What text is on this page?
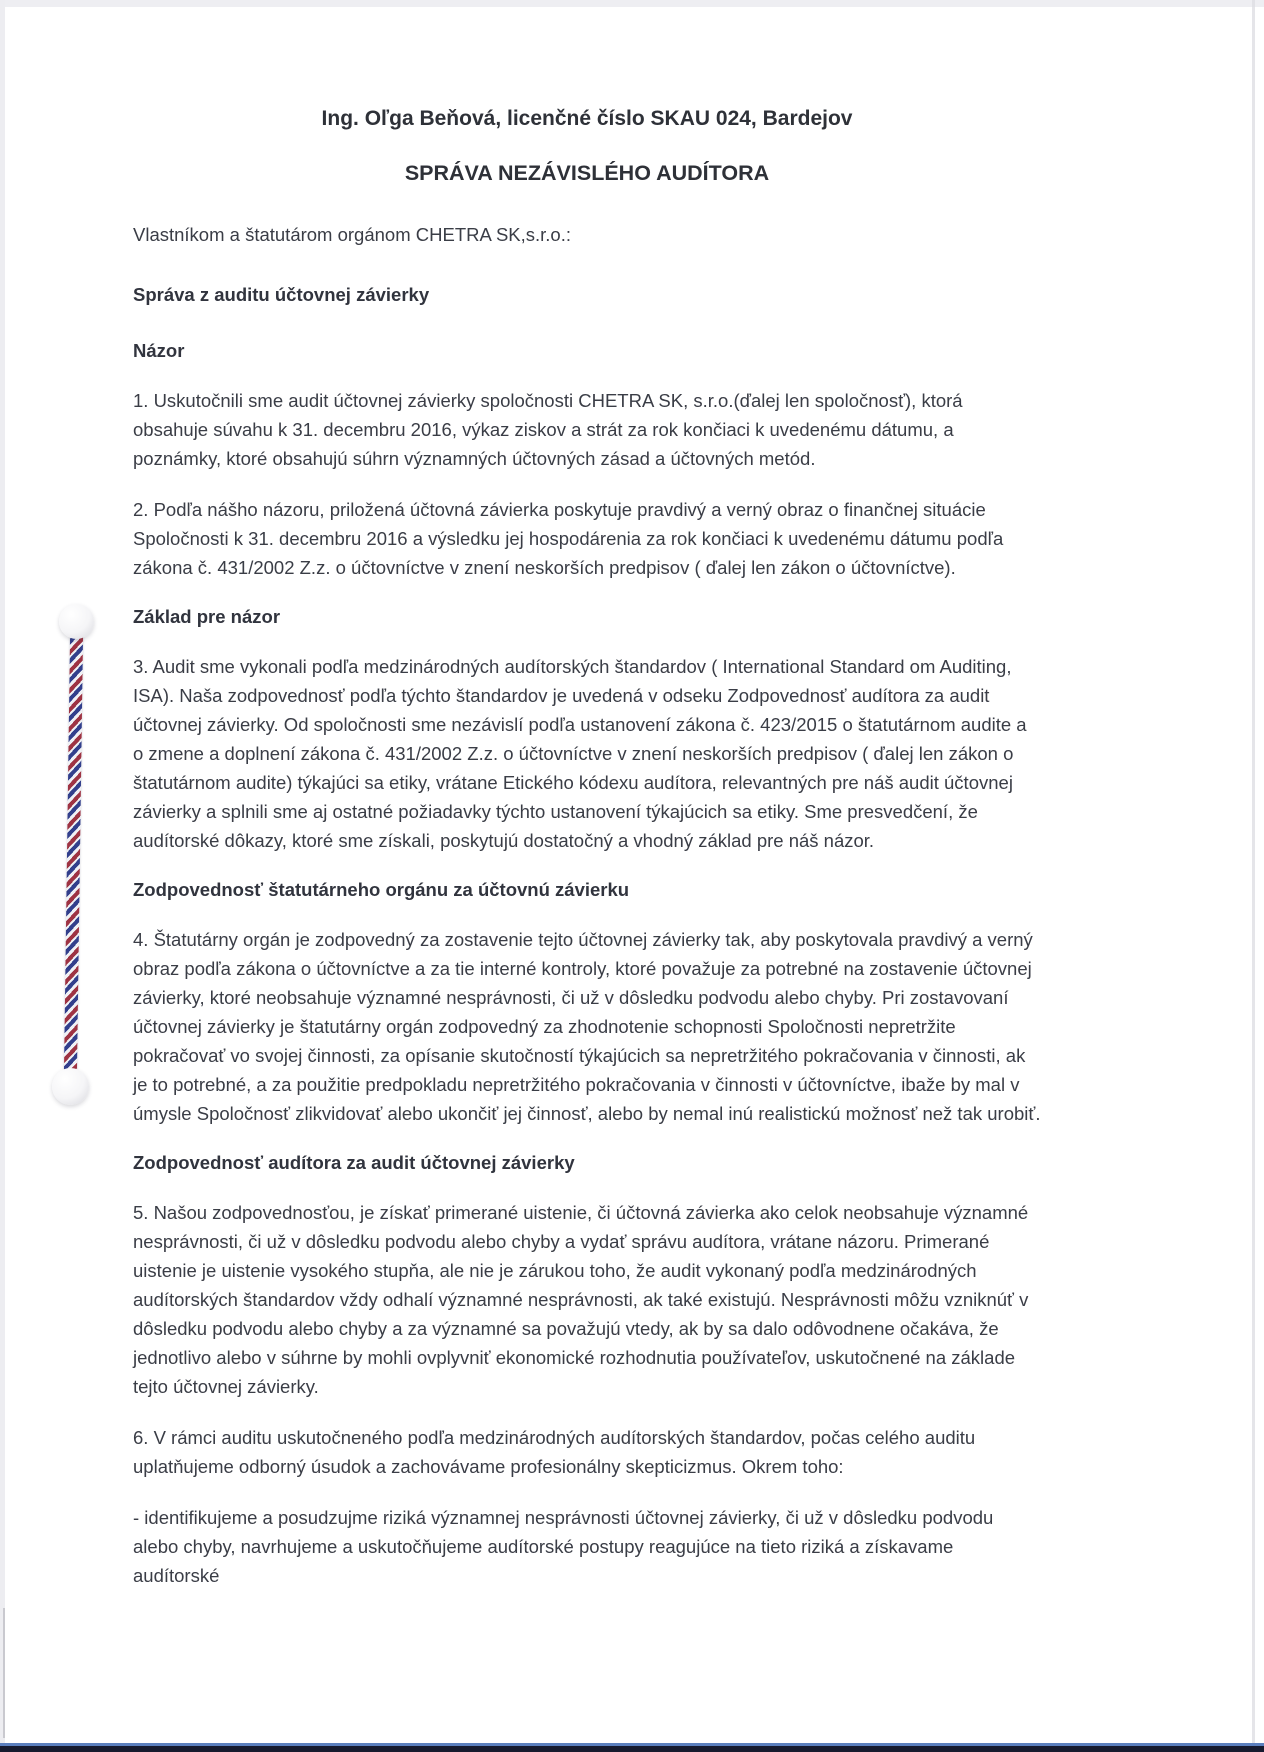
Ing. Oľga Beňová, licenčné číslo SKAU 024, Bardejov
SPRÁVA NEZÁVISLÉHO AUDÍTORA

Vlastníkom a štatutárom orgánom CHETRA SK,s.r.o.:

Správa z auditu účtovnej závierky
Názor

1. Uskutočnili sme audit účtovnej závierky spoločnosti CHETRA SK, s.r.o.(ďalej len spoločnosť), ktorá obsahuje súvahu k 31. decembru 2016, výkaz ziskov a strát za rok končiaci k uvedenému dátumu, a poznámky, ktoré obsahujú súhrn významných účtovných zásad a účtovných metód.

2. Podľa nášho názoru, priložená účtovná závierka poskytuje pravdivý a verný obraz o finančnej situácie Spoločnosti k 31. decembru 2016 a výsledku jej hospodárenia za rok končiaci k uvedenému dátumu podľa zákona č. 431/2002 Z.z. o účtovníctve v znení neskorších predpisov ( ďalej len zákon o účtovníctve).

Základ pre názor

3. Audit sme vykonali podľa medzinárodných audítorských štandardov ( International Standard om Auditing, ISA). Naša zodpovednosť podľa týchto štandardov je uvedená v odseku Zodpovednosť audítora za audit účtovnej závierky. Od spoločnosti sme nezávislí podľa ustanovení zákona č. 423/2015 o štatutárnom audite a o zmene a doplnení zákona č. 431/2002 Z.z. o účtovníctve v znení neskorších predpisov ( ďalej len zákon o štatutárnom audite) týkajúci sa etiky, vrátane Etického kódexu audítora, relevantných pre náš audit účtovnej závierky a splnili sme aj ostatné požiadavky týchto ustanovení týkajúcich sa etiky. Sme presvedčení, že audítorské dôkazy, ktoré sme získali, poskytujú dostatočný a vhodný základ pre náš názor.

Zodpovednosť štatutárneho orgánu za účtovnú závierku

4. Štatutárny orgán je zodpovedný za zostavenie tejto účtovnej závierky tak, aby poskytovala pravdivý a verný obraz podľa zákona o účtovníctve a za tie interné kontroly, ktoré považuje za potrebné na zostavenie účtovnej závierky, ktoré neobsahuje významné nesprávnosti, či už v dôsledku podvodu alebo chyby. Pri zostavovaní účtovnej závierky je štatutárny orgán zodpovedný za zhodnotenie schopnosti Spoločnosti nepretržite pokračovať vo svojej činnosti, za opísanie skutočností týkajúcich sa nepretržitého pokračovania v činnosti, ak je to potrebné, a za použitie predpokladu nepretržitého pokračovania v činnosti v účtovníctve, ibaže by mal v úmysle Spoločnosť zlikvidovať alebo ukončiť jej činnosť, alebo by nemal inú realistickú možnosť než tak urobiť.

Zodpovednosť audítora za audit účtovnej závierky

5. Našou zodpovednosťou, je získať primerané uistenie, či účtovná závierka ako celok neobsahuje významné nesprávnosti, či už v dôsledku podvodu alebo chyby a vydať správu audítora, vrátane názoru. Primerané uistenie je uistenie vysokého stupňa, ale nie je zárukou toho, že audit vykonaný podľa medzinárodných audítorských štandardov vždy odhalí významné nesprávnosti, ak také existujú. Nesprávnosti môžu vzniknúť v dôsledku podvodu alebo chyby a za významné sa považujú vtedy, ak by sa dalo odôvodnene očakáva, že jednotlivo alebo v súhrne by mohli ovplyvniť ekonomické rozhodnutia používateľov, uskutočnené na základe tejto účtovnej závierky.

6. V rámci auditu uskutočneného podľa medzinárodných audítorských štandardov, počas celého auditu uplatňujeme odborný úsudok a zachovávame profesionálny skepticizmus. Okrem toho:

- identifikujeme a posudzujme riziká významnej nesprávnosti účtovnej závierky, či už v dôsledku podvodu alebo chyby, navrhujeme a uskutočňujeme audítorské postupy reagujúce na tieto riziká a získavame audítorské
